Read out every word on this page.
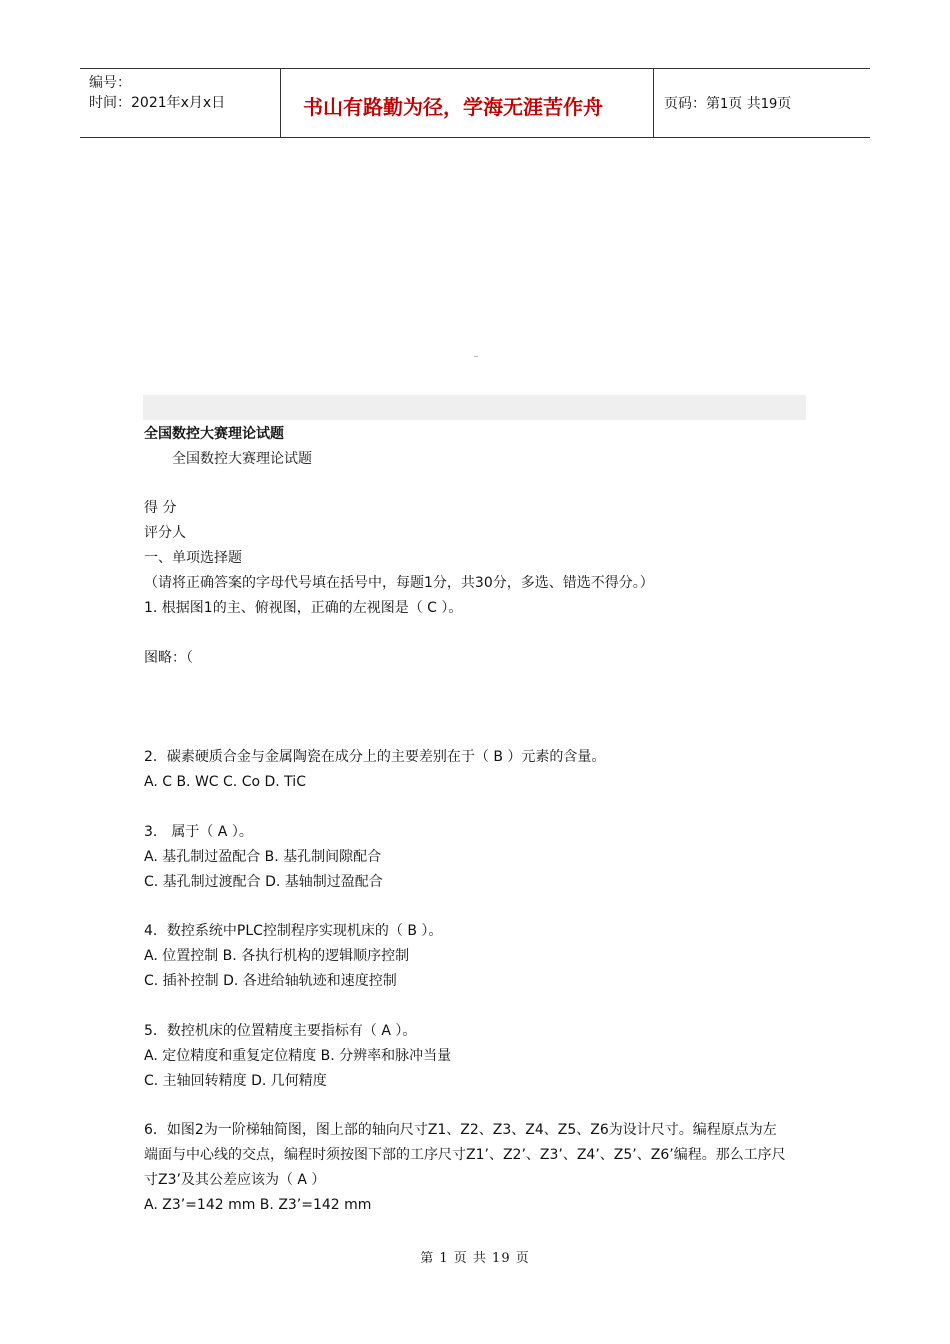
编号：
时间：2021年x月x日	书山有路勤为径，学海无涯苦作舟	页码：第1页 共19页
全国数控大赛理论试题
全国数控大赛理论试题
得 分
评分人
一、单项选择题
（请将正确答案的字母代号填在括号中，每题1分，共30分，多选、错选不得分。）
1. 根据图1的主、俯视图，正确的左视图是（ C ）。
图略：（
2．碳素硬质合金与金属陶瓷在成分上的主要差别在于（ B ）元素的含量。
A. C B. WC C. Co D. TiC
3． 属于（ A ）。
A. 基孔制过盈配合 B. 基孔制间隙配合
C. 基孔制过渡配合 D. 基轴制过盈配合
4．数控系统中PLC控制程序实现机床的（ B ）。
A. 位置控制 B. 各执行机构的逻辑顺序控制
C. 插补控制 D. 各进给轴轨迹和速度控制
5．数控机床的位置精度主要指标有（ A ）。
A. 定位精度和重复定位精度 B. 分辨率和脉冲当量
C. 主轴回转精度 D. 几何精度
6．如图2为一阶梯轴简图，图上部的轴向尺寸Z1、Z2、Z3、Z4、Z5、Z6为设计尺寸。编程原点为左
端面与中心线的交点，编程时须按图下部的工序尺寸Z1’、Z2’、Z3’、Z4’、Z5’、Z6’编程。那么工序尺
寸Z3’及其公差应该为（ A ）
A. Z3’=142 mm B. Z3’=142 mm
第 1 页 共 19 页
